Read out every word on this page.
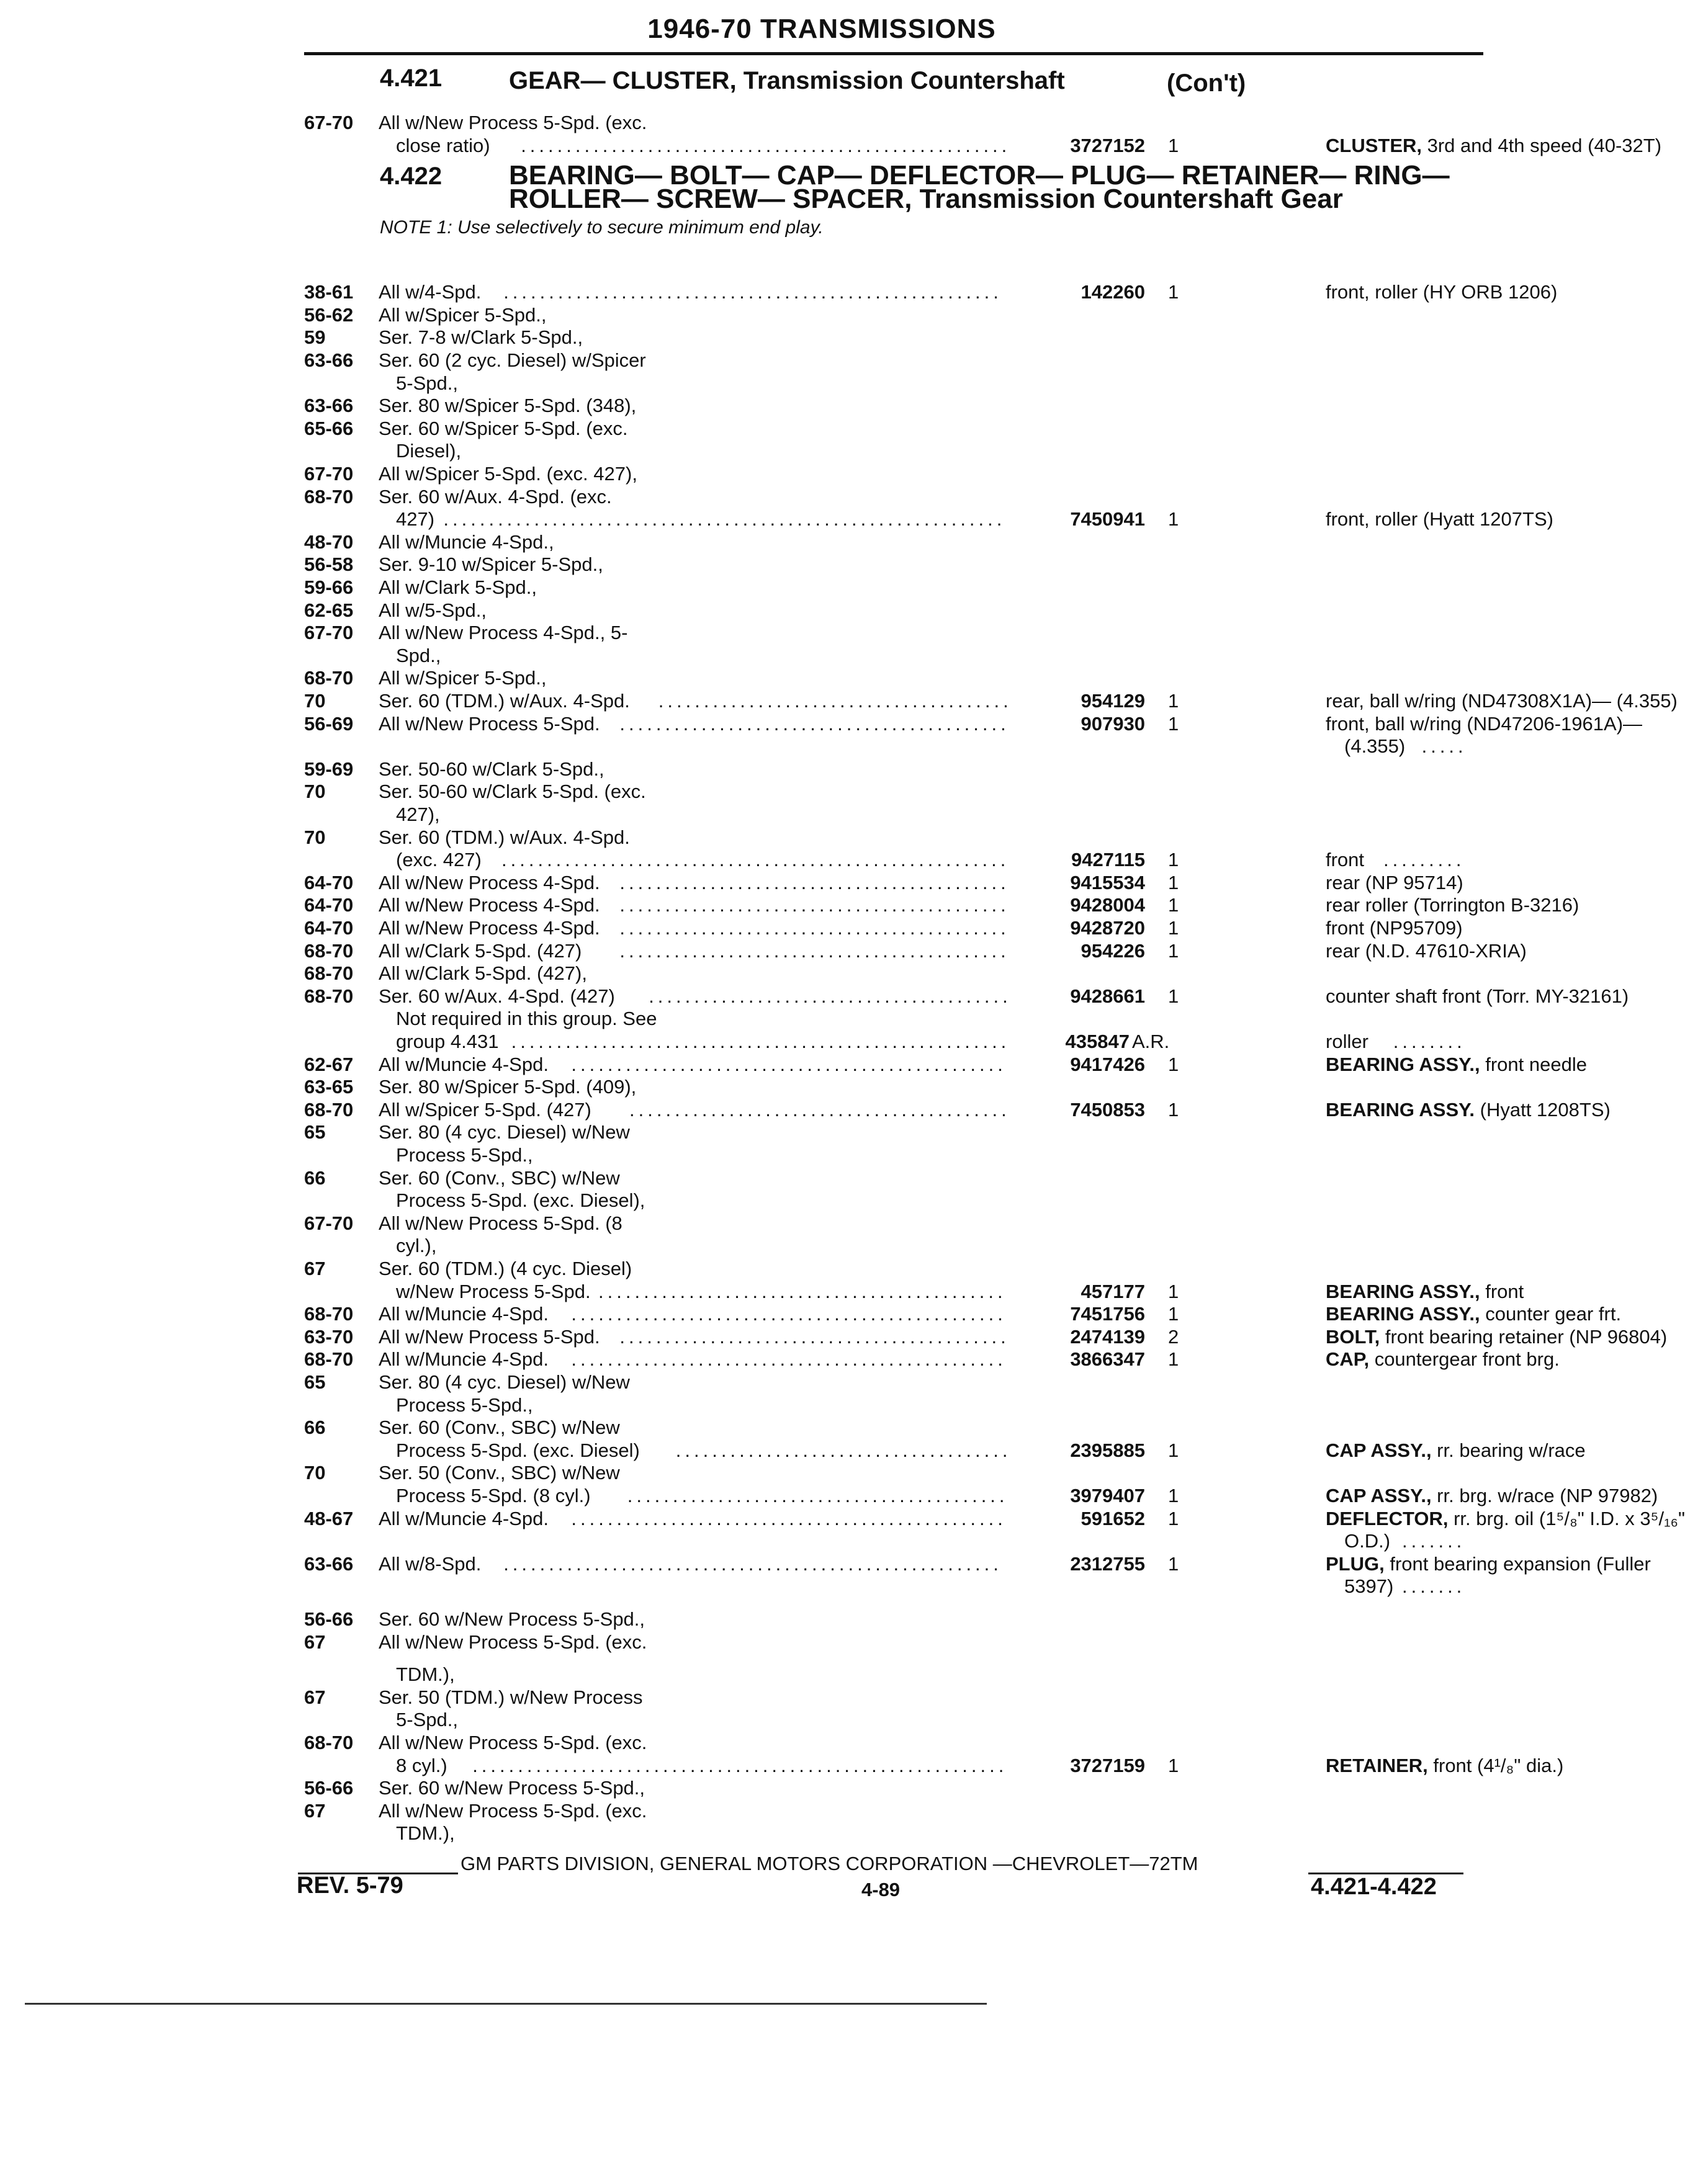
1946-70 TRANSMISSIONS
4.421	GEAR— CLUSTER, Transmission Countershaft	(Con't)
4.422 BEARING— BOLT— CAP— DEFLECTOR— PLUG— RETAINER— RING—
ROLLER— SCREW— SPACER, Transmission Countershaft Gear
NOTE 1: Use selectively to secure minimum end play.
67-70 All w/New Process 5-Spd. (exc.
close ratio) ......................................................	3727152 1	CLUSTER, 3rd and 4th speed (40-32T)
38-61 All w/4-Spd. .......................................................	142260 1	front, roller (HY ORB 1206)
56-62 All w/Spicer 5-Spd.,
59	Ser. 7-8 w/Clark 5-Spd.,
63-66 Ser. 60 (2 cyc. Diesel) w/Spicer
5-Spd.,
63-66 Ser. 80 w/Spicer 5-Spd. (348),
65-66 Ser. 60 w/Spicer 5-Spd. (exc.
Diesel),
67-70 All w/Spicer 5-Spd. (exc. 427),
68-70 Ser. 60 w/Aux. 4-Spd. (exc.
427) ..............................................................	7450941 1	front, roller (Hyatt 1207TS)
48-70 All w/Muncie 4-Spd.,
56-58 Ser. 9-10 w/Spicer 5-Spd.,
59-66 All w/Clark 5-Spd.,
62-65 All w/5-Spd.,
67-70 All w/New Process 4-Spd., 5-
Spd.,
68-70 All w/Spicer 5-Spd.,
70	Ser. 60 (TDM.) w/Aux. 4-Spd. .......................................	954129 1	rear, ball w/ring (ND47308X1A)— (4.355)
56-69 All w/New Process 5-Spd. ...........................................	907930 1	front, ball w/ring (ND47206-1961A)—
(4.355) .....
59-69 Ser. 50-60 w/Clark 5-Spd.,
70	Ser. 50-60 w/Clark 5-Spd. (exc.
427),
70	Ser. 60 (TDM.) w/Aux. 4-Spd.
(exc. 427) ........................................................	9427115 1	front .........
64-70 All w/New Process 4-Spd. ...........................................	9415534 1	rear (NP 95714)
64-70 All w/New Process 4-Spd. ...........................................	9428004 1	rear roller (Torrington B-3216)
64-70 All w/New Process 4-Spd. ...........................................	9428720 1	front (NP95709)
68-70 All w/Clark 5-Spd. (427) ...........................................	954226 1	rear (N.D. 47610-XRIA)
68-70 All w/Clark 5-Spd. (427),
68-70 Ser. 60 w/Aux. 4-Spd. (427) ........................................	9428661 1	counter shaft front (Torr. MY-32161)
Not required in this group. See
group 4.431 .......................................................	435847 A.R.	roller ........
62-67 All w/Muncie 4-Spd. ................................................	9417426 1	BEARING ASSY., front needle
63-65 Ser. 80 w/Spicer 5-Spd. (409),
68-70 All w/Spicer 5-Spd. (427) ..........................................	7450853 1	BEARING ASSY. (Hyatt 1208TS)
65	Ser. 80 (4 cyc. Diesel) w/New
Process 5-Spd.,
66	Ser. 60 (Conv., SBC) w/New
Process 5-Spd. (exc. Diesel),
67-70 All w/New Process 5-Spd. (8
cyl.),
67	Ser. 60 (TDM.) (4 cyc. Diesel)
w/New Process 5-Spd. .............................................	457177 1	BEARING ASSY., front
68-70 All w/Muncie 4-Spd. ................................................	7451756 1	BEARING ASSY., counter gear frt.
63-70 All w/New Process 5-Spd. ...........................................	2474139 2	BOLT, front bearing retainer (NP 96804)
68-70 All w/Muncie 4-Spd. ................................................	3866347 1	CAP, countergear front brg.
65	Ser. 80 (4 cyc. Diesel) w/New
Process 5-Spd.,
66	Ser. 60 (Conv., SBC) w/New
Process 5-Spd. (exc. Diesel) .....................................	2395885 1	CAP ASSY., rr. bearing w/race
70	Ser. 50 (Conv., SBC) w/New
Process 5-Spd. (8 cyl.) ..........................................	3979407 1	CAP ASSY., rr. brg. w/race (NP 97982)
48-67 All w/Muncie 4-Spd. ................................................	591652 1	DEFLECTOR, rr. brg. oil (1⁵/₈" I.D. x 3⁵/₁₆"
O.D.) .......
63-66 All w/8-Spd. .......................................................	2312755 1	PLUG, front bearing expansion (Fuller
5397) .......
56-66 Ser. 60 w/New Process 5-Spd.,
67	All w/New Process 5-Spd. (exc.
TDM.),
67	Ser. 50 (TDM.) w/New Process
5-Spd.,
68-70 All w/New Process 5-Spd. (exc.
8 cyl.) ...........................................................	3727159 1	RETAINER, front (4¹/₈" dia.)
56-66 Ser. 60 w/New Process 5-Spd.,
67	All w/New Process 5-Spd. (exc.
TDM.),
GM PARTS DIVISION, GENERAL MOTORS CORPORATION —CHEVROLET—72TM
REV. 5-79	4-89	4.421-4.422
